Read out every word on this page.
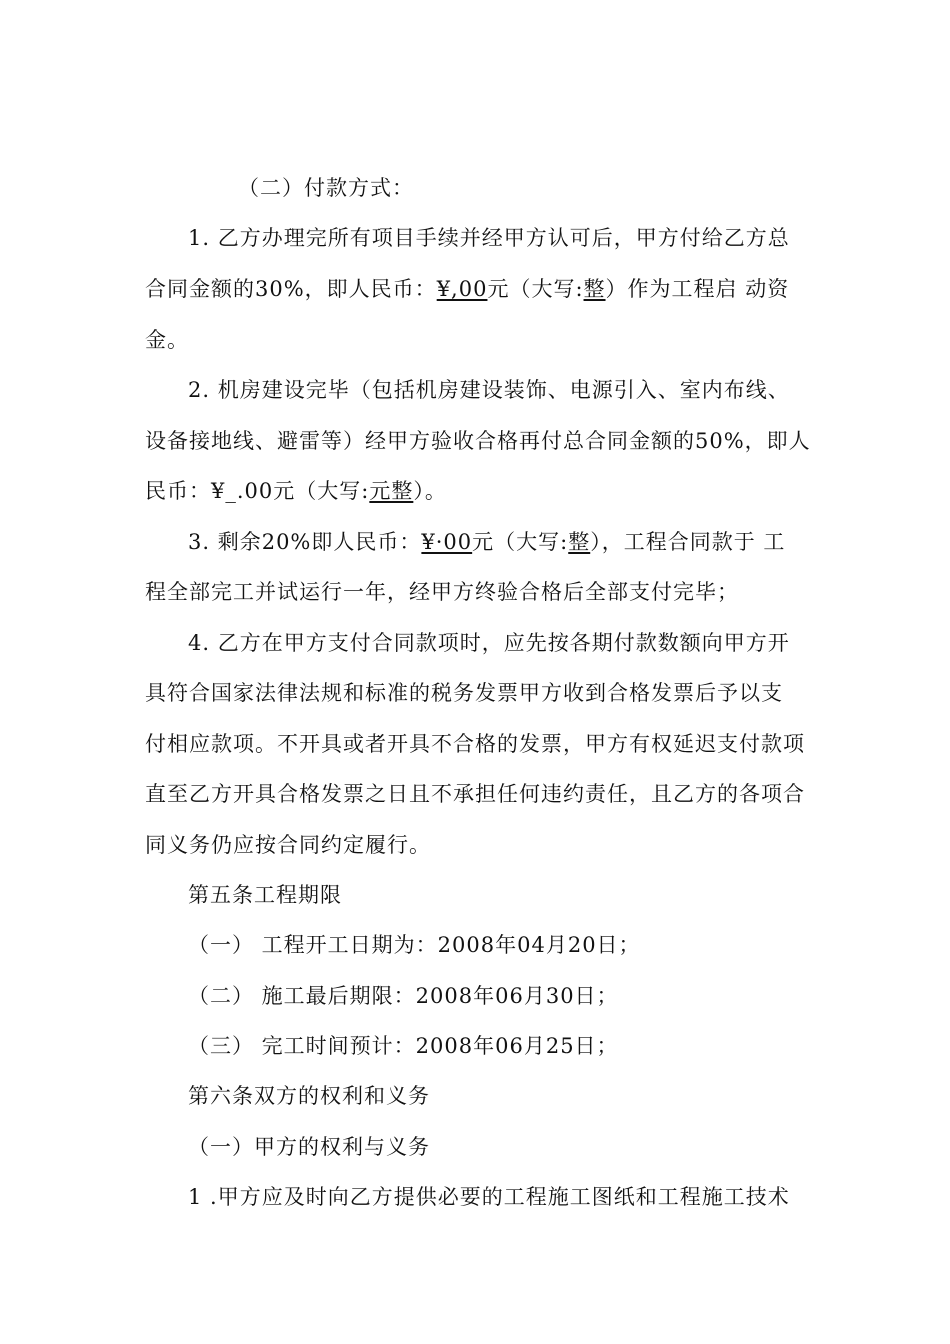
（二）付款方式：
1. 乙方办理完所有项目手续并经甲方认可后，甲方付给乙方总
合同金额的30%，即人民币：¥,00元（大写:整）作为工程启 动资
金。
2. 机房建设完毕（包括机房建设装饰、电源引入、室内布线、
设备接地线、避雷等）经甲方验收合格再付总合同金额的50%，即人
民币：¥_.00元（大写:元整）。
3. 剩余20%即人民币：¥·00元（大写:整），工程合同款于 工
程全部完工并试运行一年，经甲方终验合格后全部支付完毕；
4. 乙方在甲方支付合同款项时，应先按各期付款数额向甲方开
具符合国家法律法规和标准的税务发票甲方收到合格发票后予以支
付相应款项。不开具或者开具不合格的发票，甲方有权延迟支付款项
直至乙方开具合格发票之日且不承担任何违约责任，且乙方的各项合
同义务仍应按合同约定履行。
第五条工程期限
（一） 工程开工日期为：2008年04月20日；
（二） 施工最后期限：2008年06月30日；
（三） 完工时间预计：2008年06月25日；
第六条双方的权利和义务
（一）甲方的权利与义务
1 .甲方应及时向乙方提供必要的工程施工图纸和工程施工技术
